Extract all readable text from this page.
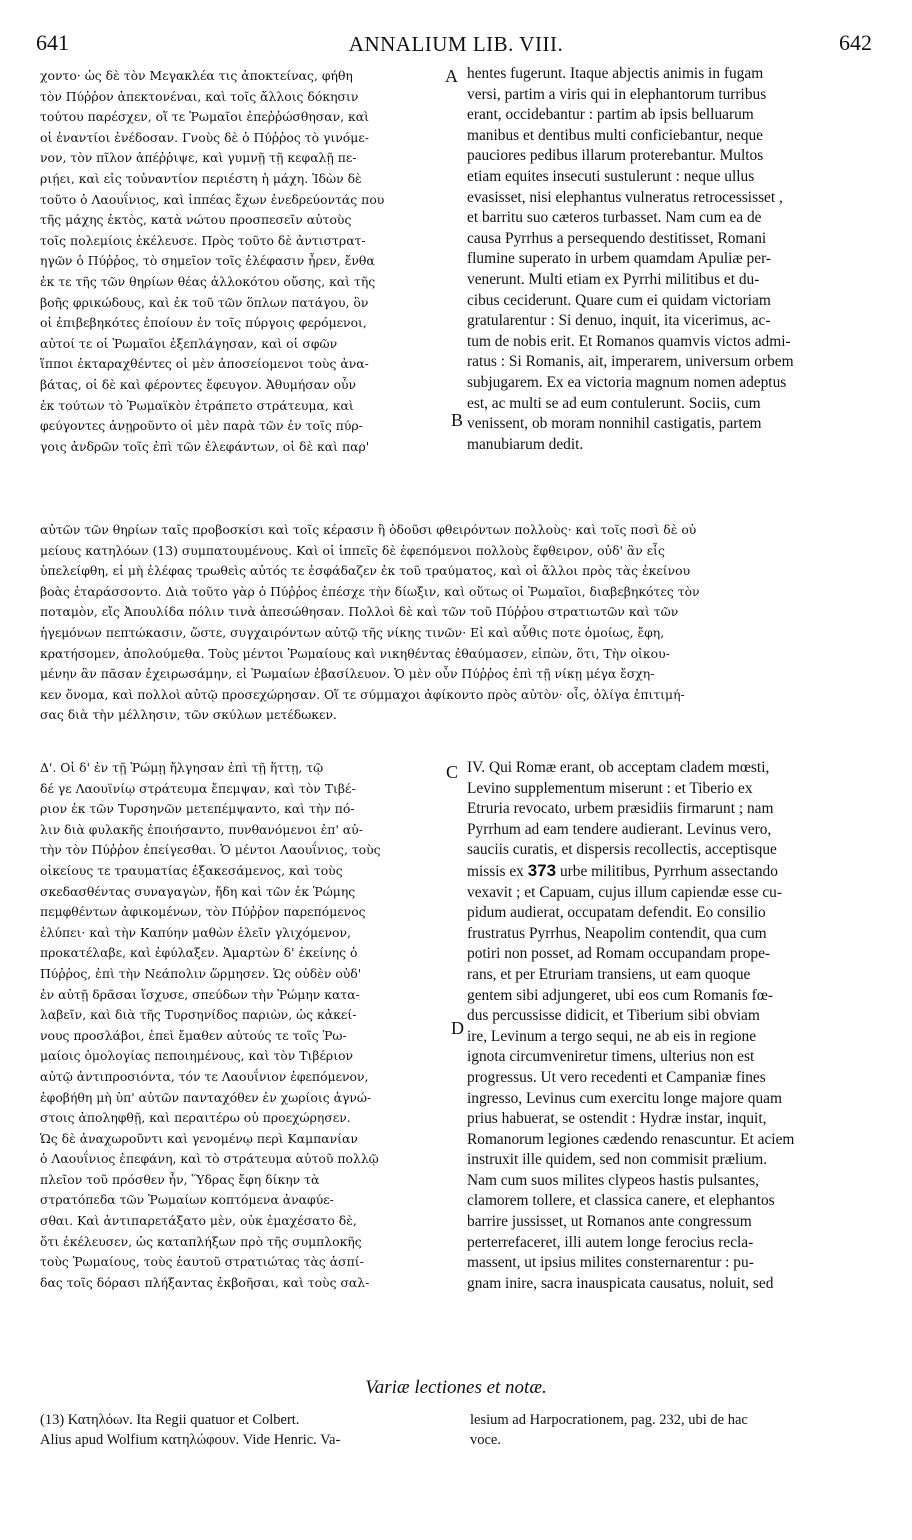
641	ANNALIUM LIB. VIII.	642
χοντο· ὡς δὲ τὸν Μεγακλέα τις ἀποκτείνας, φήθη
τὸν Πύῤῥον ἀπεκτονέναι, καὶ τοῖς ἄλλοις δόκησιν
τούτου παρέσχεν, οἵ τε Ῥωμαῖοι ἐπεῤῥώσθησαν, καὶ
οἱ ἐναντίοι ἐνέδοσαν. Γνοὺς δὲ ὁ Πύῤῥος τὸ γινόμε-
νον, τὸν πῖλον ἀπέῤῥιψε, καὶ γυμνῇ τῇ κεφαλῇ πε-
ριῄει, καὶ εἰς τοὐναντίον περιέστη ἡ μάχη. Ἰδὼν δὲ
τοῦτο ὁ Λαουΐνιος, καὶ ἱππέας ἔχων ἐνεδρεύοντάς που
τῆς μάχης ἐκτὸς, κατὰ νώτου προσπεσεῖν αὐτοὺς
τοῖς πολεμίοις ἐκέλευσε. Πρὸς τοῦτο δὲ ἀντιστρατ-
ηγῶν ὁ Πύῤῥος, τὸ σημεῖον τοῖς ἐλέφασιν ἦρεν, ἔνθα
ἐκ τε τῆς τῶν θηρίων θέας ἀλλοκότου οὔσης, καὶ τῆς
βοῆς φρικώδους, καὶ ἐκ τοῦ τῶν ὅπλων πατάγου, ὃν
οἱ ἐπιβεβηκότες ἐποίουν ἐν τοῖς πύργοις φερόμενοι,
αὐτοί τε οἱ Ῥωμαῖοι ἐξεπλάγησαν, καὶ οἱ σφῶν
ἵπποι ἐκταραχθέντες οἱ μὲν ἀποσείομενοι τοὺς ἀνα-
βάτας, οἱ δὲ καὶ φέροντες ἔφευγον. Ἀθυμήσαν οὖν
ἐκ τούτων τὸ Ῥωμαϊκὸν ἐτράπετο στράτευμα, καὶ
φεύγοντες ἀνῃροῦντο οἱ μὲν παρὰ τῶν ἐν τοῖς πύρ-
γοις ἀνδρῶν τοῖς ἐπὶ τῶν ἐλεφάντων, οἱ δὲ καὶ παρ'
hentes fugerunt. Itaque abjectis animis in fugam
versi, partim a viris qui in elephantorum turribus
erant, occidebantur : partim ab ipsis belluarum
manibus et dentibus multi conficiebantur, neque
pauciores pedibus illarum proterebantur. Multos
etiam equites insecuti sustulerunt : neque ullus
evasisset, nisi elephantus vulneratus retrocessisset ,
et barritu suo cæteros turbasset. Nam cum ea de
causa Pyrrhus a persequendo destitisset, Romani
flumine superato in urbem quamdam Apuliæ per-
venerunt. Multi etiam ex Pyrrhi militibus et du-
cibus ceciderunt. Quare cum ei quidam victoriam
gratularentur : Si denuo, inquit, ita vicerimus, ac-
tum de nobis erit. Et Romanos quamvis victos admi-
ratus : Si Romanis, ait, imperarem, universum orbem
subjugarem. Ex ea victoria magnum nomen adeptus
est, ac multi se ad eum contulerunt. Sociis, cum
venissent, ob moram nonnihil castigatis, partem
manubiarum dedit.
A
B
C
D
αὐτῶν τῶν θηρίων ταῖς προβοσκίσι καὶ τοῖς κέρασιν ἢ ὀδοῦσι φθειρόντων πολλοὺς· καὶ τοῖς ποσὶ δὲ οὐ
μείους κατηλόων (13) συμπατουμένους. Καὶ οἱ ἱππεῖς δὲ ἐφεπόμενοι πολλοὺς ἔφθειρον, οὐδ' ἂν εἷς
ὑπελείφθη, εἰ μὴ ἐλέφας τρωθεὶς αὐτός τε ἐσφάδαζεν ἐκ τοῦ τραύματος, καὶ οἱ ἄλλοι πρὸς τὰς ἐκείνου
βοὰς ἐταράσσοντο. Διὰ τοῦτο γὰρ ὁ Πύῤῥος ἐπέσχε τὴν δίωξιν, καὶ οὕτως οἱ Ῥωμαῖοι, διαβεβηκότες τὸν
ποταμὸν, εἴς Ἀπουλίδα πόλιν τινὰ ἀπεσώθησαν. Πολλοὶ δὲ καὶ τῶν τοῦ Πύῤῥου στρατιωτῶν καὶ τῶν
ἡγεμόνων πεπτώκασιν, ὥστε, συγχαιρόντων αὐτῷ τῆς νίκης τινῶν· Εἰ καὶ αὖθις ποτε ὁμοίως, ἔφη,
κρατήσομεν, ἀπολούμεθα. Τοὺς μέντοι Ῥωμαίους καὶ νικηθέντας ἐθαύμασεν, εἰπὼν, ὅτι, Τὴν οἰκου-
μένην ἂν πᾶσαν ἐχειρωσάμην, εἰ Ῥωμαίων ἐβασίλευον. Ὁ μὲν οὖν Πύῤῥος ἐπὶ τῇ νίκῃ μέγα ἔσχη-
κεν ὄνομα, καὶ πολλοὶ αὐτῷ προσεχώρησαν. Οἵ τε σύμμαχοι ἀφίκοντο πρὸς αὐτὸν· οἷς, ὀλίγα ἐπιτιμή-
σας διὰ τὴν μέλλησιν, τῶν σκύλων μετέδωκεν.
Δ'. Οἱ δ' ἐν τῇ Ῥώμῃ ἤλγησαν ἐπὶ τῇ ἥττῃ, τῷ
δέ γε Λαουϊνίῳ στράτευμα ἔπεμψαν, καὶ τὸν Τιβέ-
ριον ἐκ τῶν Τυρσηνῶν μετεπέμψαντο, καὶ τὴν πό-
λιν διὰ φυλακῆς ἐποιήσαντο, πυνθανόμενοι ἐπ' αὐ-
τὴν τὸν Πύῤῥον ἐπείγεσθαι. Ὁ μέντοι Λαουΐνιος, τοὺς
οἰκείους τε τραυματίας ἐξακεσάμενος, καὶ τοὺς
σκεδασθέντας συναγαγὼν, ἤδη καὶ τῶν ἐκ Ῥώμης
πεμφθέντων ἀφικομένων, τὸν Πύῤῥον παρεπόμενος
ἐλύπει· καὶ τὴν Καπύην μαθὼν ἑλεῖν γλιχόμενον,
προκατέλαβε, καὶ ἐφύλαξεν. Ἁμαρτὼν δ' ἐκείνης ὁ
Πύῤῥος, ἐπὶ τὴν Νεάπολιν ὥρμησεν. Ὡς οὐδὲν οὐδ'
ἐν αὐτῇ δρᾶσαι ἴσχυσε, σπεύδων τὴν Ῥώμην κατα-
λαβεῖν, καὶ διὰ τῆς Τυρσηνίδος παριὼν, ὡς κἀκεί-
νους προσλάβοι, ἐπεὶ ἔμαθεν αὐτούς τε τοῖς Ῥω-
μαίοις ὁμολογίας πεποιημένους, καὶ τὸν Τιβέριον
αὐτῷ ἀντιπροσιόντα, τόν τε Λαουΐνιον ἐφεπόμενον,
ἐφοβήθη μὴ ὑπ' αὐτῶν πανταχόθεν ἐν χωρίοις ἀγνώ-
στοις ἀποληφθῇ, καὶ περαιτέρω οὐ προεχώρησεν.
Ὡς δὲ ἀναχωροῦντι καὶ γενομένῳ περὶ Καμπανίαν
ὁ Λαουΐνιος ἐπεφάνη, καὶ τὸ στράτευμα αὐτοῦ πολλῷ
πλεῖον τοῦ πρόσθεν ἦν, Ὕδρας ἔφη δίκην τὰ
στρατόπεδα τῶν Ῥωμαίων κοπτόμενα ἀναφύε-
σθαι. Καὶ ἀντιπαρετάξατο μὲν, οὐκ ἐμαχέσατο δὲ,
ὅτι ἐκέλευσεν, ὡς καταπλήξων πρὸ τῆς συμπλοκῆς
τοὺς Ῥωμαίους, τοὺς ἑαυτοῦ στρατιώτας τὰς ἀσπί-
δας τοῖς δόρασι πλήξαντας ἐκβοῆσαι, καὶ τοὺς σαλ-
IV. Qui Romæ erant, ob acceptam cladem mœsti,
Levino supplementum miserunt : et Tiberio ex
Etruria revocato, urbem præsidiis firmarunt ; nam
Pyrrhum ad eam tendere audierant. Levinus vero,
sauciis curatis, et dispersis recollectis, acceptisque
missis ex 373 urbe militibus, Pyrrhum assectando
vexavit ; et Capuam, cujus illum capiendæ esse cu-
pidum audierat, occupatam defendit. Eo consilio
frustratus Pyrrhus, Neapolim contendit, qua cum
potiri non posset, ad Romam occupandam prope-
rans, et per Etruriam transiens, ut eam quoque
gentem sibi adjungeret, ubi eos cum Romanis fœ-
dus percussisse didicit, et Tiberium sibi obviam
ire, Levinum a tergo sequi, ne ab eis in regione
ignota circumveniretur timens, ulterius non est
progressus. Ut vero recedenti et Campaniæ fines
ingresso, Levinus cum exercitu longe majore quam
prius habuerat, se ostendit : Hydræ instar, inquit,
Romanorum legiones cædendo renascuntur. Et aciem
instruxit ille quidem, sed non commisit prælium.
Nam cum suos milites clypeos hastis pulsantes,
clamorem tollere, et classica canere, et elephantos
barrire jussisset, ut Romanos ante congressum
perterrefaceret, illi autem longe ferocius recla-
massent, ut ipsius milites consternarentur : pu-
gnam inire, sacra inauspicata causatus, noluit, sed
Variæ lectiones et notæ.
(13) Κατηλόων. Ita Regii quatuor et Colbert.
Alius apud Wolfium κατηλώφουν. Vide Henric. Va-
lesium ad Harpocrationem, pag. 232, ubi de hac
voce.
